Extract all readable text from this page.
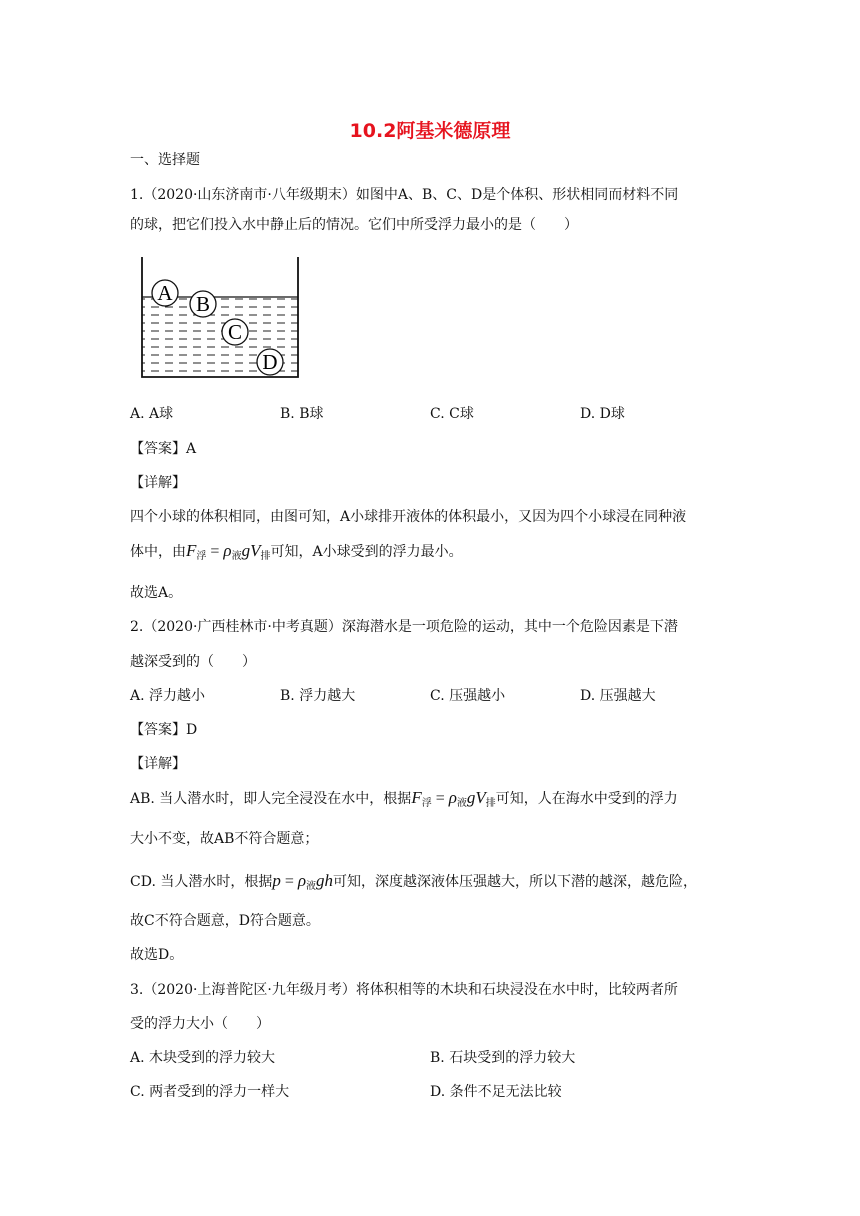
10.2阿基米德原理
一、选择题
1.（2020·山东济南市·八年级期末）如图中A、B、C、D是个体积、形状相同而材料不同
的球，把它们投入水中静止后的情况。它们中所受浮力最小的是（　　）
A B
C
D
A. A球	B. B球	C. C球	D. D球
【答案】A
【详解】
四个小球的体积相同，由图可知，A小球排开液体的体积最小，又因为四个小球浸在同种液
体中，由$F_浮 = \rho_液gV_排$可知，A小球受到的浮力最小。
故选A。
2.（2020·广西桂林市·中考真题）深海潜水是一项危险的运动，其中一个危险因素是下潜
越深受到的（　　）
A. 浮力越小	B. 浮力越大	C. 压强越小	D. 压强越大
【答案】D
【详解】
AB. 当人潜水时，即人完全浸没在水中，根据$F_浮 = \rho_液gV_排$可知，人在海水中受到的浮力
大小不变，故AB不符合题意；
CD. 当人潜水时，根据$p = \rho_液gh$可知，深度越深液体压强越大，所以下潜的越深，越危险，
故C不符合题意，D符合题意。
故选D。
3.（2020·上海普陀区·九年级月考）将体积相等的木块和石块浸没在水中时，比较两者所
受的浮力大小（　　）
A. 木块受到的浮力较大	B. 石块受到的浮力较大
C. 两者受到的浮力一样大	D. 条件不足无法比较
